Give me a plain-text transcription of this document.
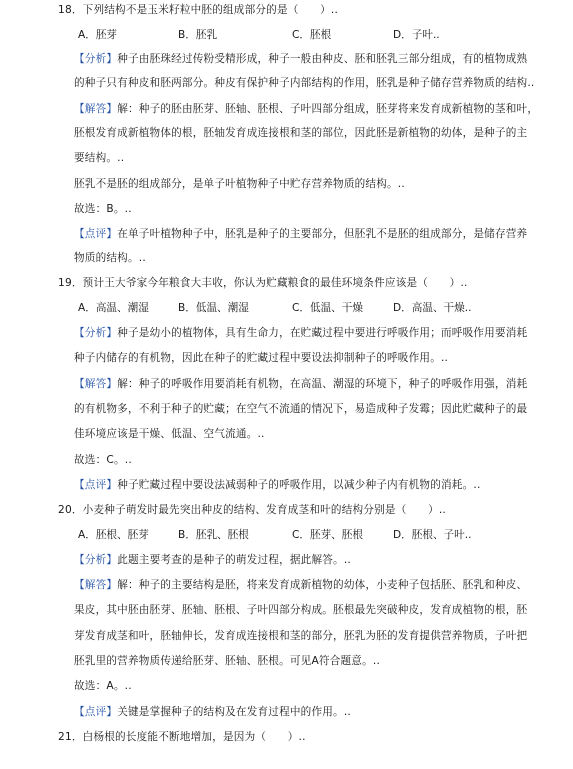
18．下列结构不是玉米籽粒中胚的组成部分的是（　　）..
A．胚芽	B．胚乳	C．胚根	D．子叶..
【分析】种子由胚珠经过传粉受精形成，种子一般由种皮、胚和胚乳三部分组成，有的植物成熟
的种子只有种皮和胚两部分。种皮有保护种子内部结构的作用，胚乳是种子储存营养物质的结构..
【解答】解：种子的胚由胚芽、胚轴、胚根、子叶四部分组成，胚芽将来发育成新植物的茎和叶，
胚根发育成新植物体的根，胚轴发育成连接根和茎的部位，因此胚是新植物的幼体，是种子的主
要结构。..
胚乳不是胚的组成部分，是单子叶植物种子中贮存营养物质的结构。..
故选：B。..
【点评】在单子叶植物种子中，胚乳是种子的主要部分，但胚乳不是胚的组成部分，是储存营养
物质的结构。..
19．预计王大爷家今年粮食大丰收，你认为贮藏粮食的最佳环境条件应该是（　　）..
A．高温、潮湿	B．低温、潮湿	C．低温、干燥	D．高温、干燥..
【分析】种子是幼小的植物体，具有生命力，在贮藏过程中要进行呼吸作用；而呼吸作用要消耗
种子内储存的有机物，因此在种子的贮藏过程中要设法抑制种子的呼吸作用。..
【解答】解：种子的呼吸作用要消耗有机物，在高温、潮湿的环境下，种子的呼吸作用强，消耗
的有机物多，不利于种子的贮藏；在空气不流通的情况下，易造成种子发霉；因此贮藏种子的最
佳环境应该是干燥、低温、空气流通。..
故选：C。..
【点评】种子贮藏过程中要设法减弱种子的呼吸作用，以减少种子内有机物的消耗。..
20．小麦种子萌发时最先突出种皮的结构、发育成茎和叶的结构分别是（　　）..
A．胚根、胚芽	B．胚乳、胚根	C．胚芽、胚根	D．胚根、子叶..
【分析】此题主要考查的是种子的萌发过程，据此解答。..
【解答】解：种子的主要结构是胚，将来发育成新植物的幼体，小麦种子包括胚、胚乳和种皮、
果皮，其中胚由胚芽、胚轴、胚根、子叶四部分构成。胚根最先突破种皮，发育成植物的根，胚
芽发育成茎和叶，胚轴伸长，发育成连接根和茎的部分，胚乳为胚的发育提供营养物质，子叶把
胚乳里的营养物质传递给胚芽、胚轴、胚根。可见A符合题意。..
故选：A。..
【点评】关键是掌握种子的结构及在发育过程中的作用。..
21．白杨根的长度能不断地增加，是因为（　　）..
